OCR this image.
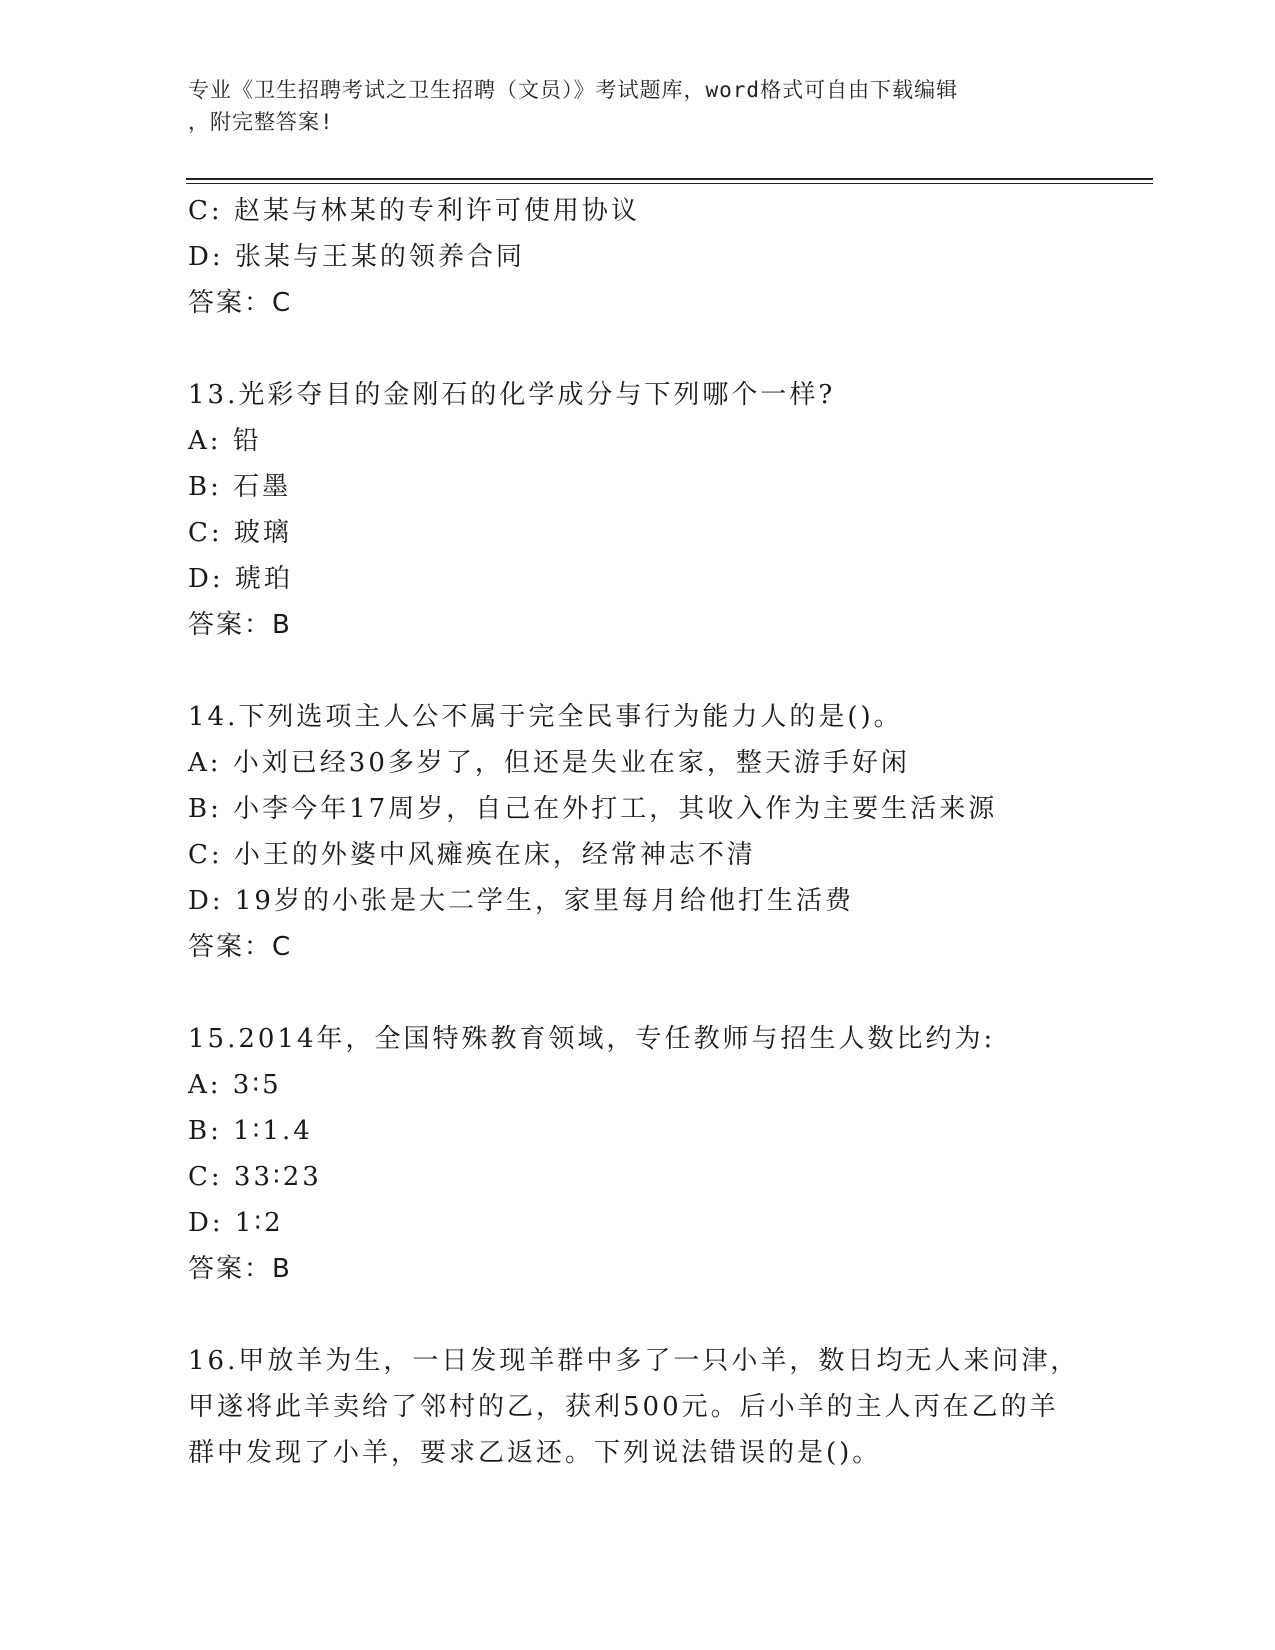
专业《卫生招聘考试之卫生招聘（文员）》考试题库，word格式可自由下载编辑
，附完整答案!
C: 赵某与林某的专利许可使用协议
D: 张某与王某的领养合同
答案：C
13.光彩夺目的金刚石的化学成分与下列哪个一样?
A: 铅
B: 石墨
C: 玻璃
D: 琥珀
答案：B
14.下列选项主人公不属于完全民事行为能力人的是()。
A: 小刘已经30多岁了，但还是失业在家，整天游手好闲
B: 小李今年17周岁，自己在外打工，其收入作为主要生活来源
C: 小王的外婆中风瘫痪在床，经常神志不清
D: 19岁的小张是大二学生，家里每月给他打生活费
答案：C
15.2014年，全国特殊教育领域，专任教师与招生人数比约为:
A: 3∶5
B: 1∶1.4
C: 33∶23
D: 1∶2
答案：B
16.甲放羊为生，一日发现羊群中多了一只小羊，数日均无人来问津，
甲遂将此羊卖给了邻村的乙，获利500元。后小羊的主人丙在乙的羊
群中发现了小羊，要求乙返还。下列说法错误的是()。
